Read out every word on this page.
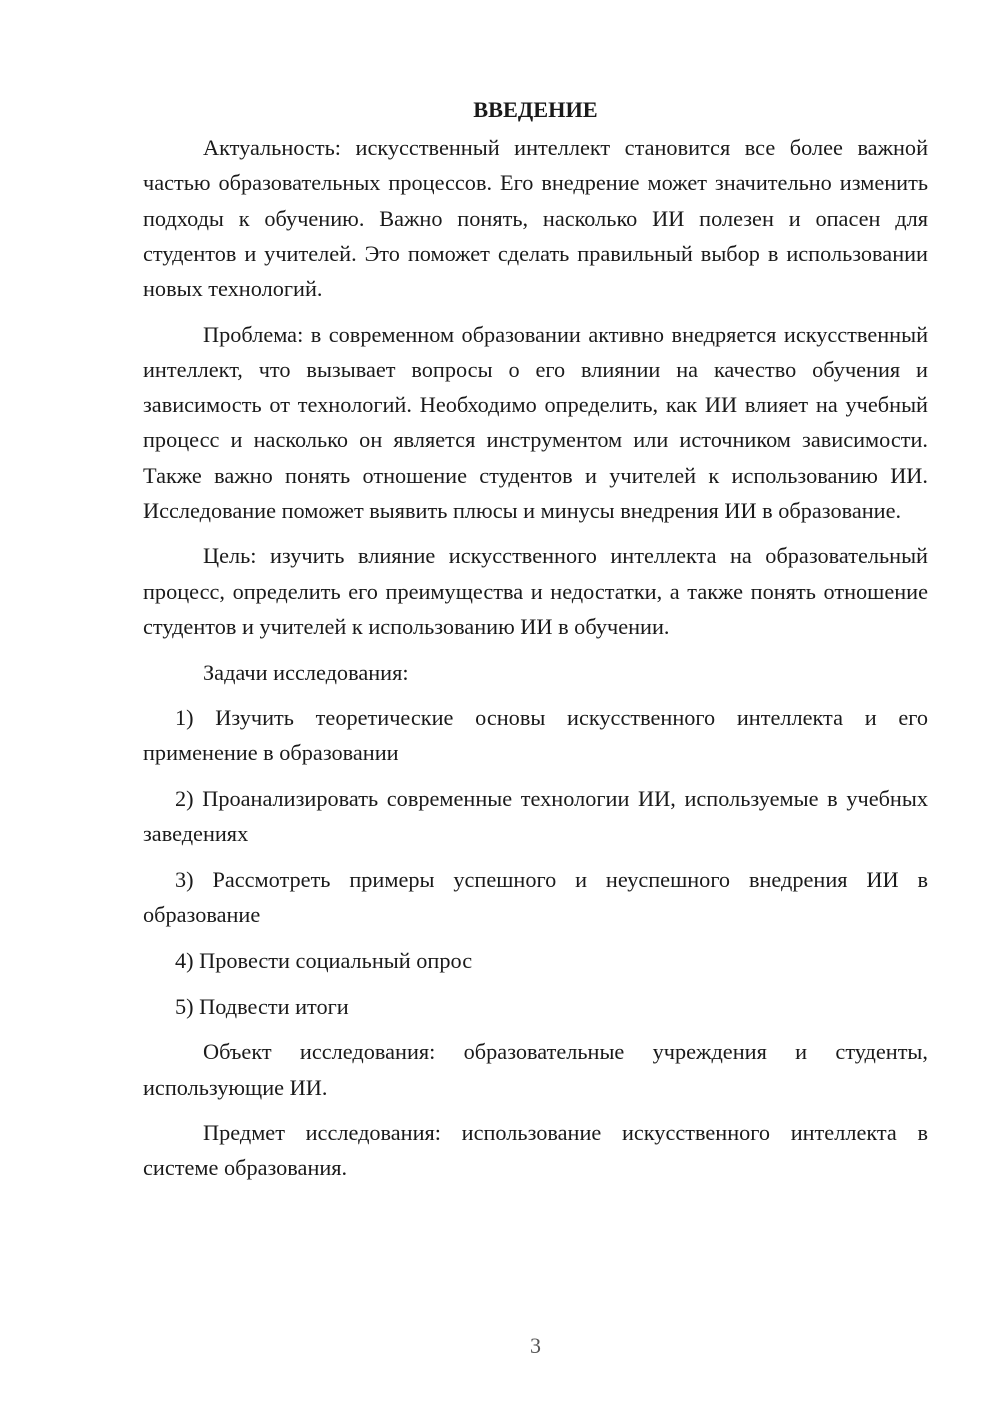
ВВЕДЕНИЕ

Актуальность: искусственный интеллект становится все более важной частью образовательных процессов. Его внедрение может значительно изменить подходы к обучению. Важно понять, насколько ИИ полезен и опасен для студентов и учителей. Это поможет сделать правильный выбор в использовании новых технологий.

Проблема: в современном образовании активно внедряется искусственный интеллект, что вызывает вопросы о его влиянии на качество обучения и зависимость от технологий. Необходимо определить, как ИИ влияет на учебный процесс и насколько он является инструментом или источником зависимости. Также важно понять отношение студентов и учителей к использованию ИИ. Исследование поможет выявить плюсы и минусы внедрения ИИ в образование.

Цель: изучить влияние искусственного интеллекта на образовательный процесс, определить его преимущества и недостатки, а также понять отношение студентов и учителей к использованию ИИ в обучении.

Задачи исследования:

1) Изучить теоретические основы искусственного интеллекта и его применение в образовании

2) Проанализировать современные технологии ИИ, используемые в учебных заведениях

3) Рассмотреть примеры успешного и неуспешного внедрения ИИ в образование

4) Провести социальный опрос

5) Подвести итоги

Объект исследования: образовательные учреждения и студенты, использующие ИИ.

Предмет исследования: использование искусственного интеллекта в системе образования.

3
